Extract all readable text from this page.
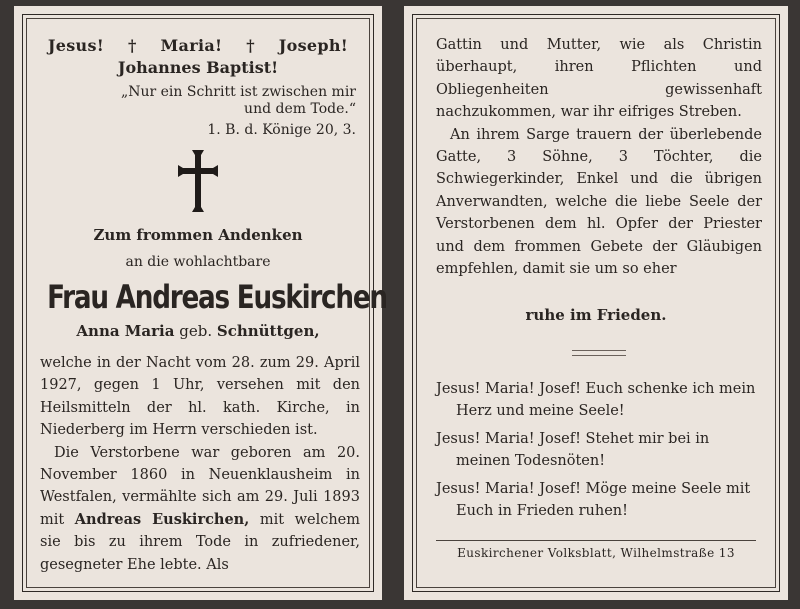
Jesus! † Maria! † Joseph!
Johannes Baptist!
„Nur ein Schritt ist zwischen mir und dem Tode.“
1. B. d. Könige 20, 3.
Zum frommen Andenken
an die wohlachtbare
Frau Andreas Euskirchen
Anna Maria geb. Schnüttgen,

welche in der Nacht vom 28. zum 29. April 1927, gegen 1 Uhr, versehen mit den Heilsmitteln der hl. kath. Kirche, in Niederberg im Herrn verschieden ist.

Die Verstorbene war geboren am 20. November 1860 in Neuenklausheim in Westfalen, vermählte sich am 29. Juli 1893 mit Andreas Euskirchen, mit welchem sie bis zu ihrem Tode in zufriedener, gesegneter Ehe lebte. Als

Gattin und Mutter, wie als Christin überhaupt, ihren Pflichten und Obliegenheiten gewissenhaft nachzukommen, war ihr eifriges Streben.

An ihrem Sarge trauern der überlebende Gatte, 3 Söhne, 3 Töchter, die Schwiegerkinder, Enkel und die übrigen Anverwandten, welche die liebe Seele der Verstorbenen dem hl. Opfer der Priester und dem frommen Gebete der Gläubigen empfehlen, damit sie um so eher

ruhe im Frieden.

Jesus! Maria! Josef! Euch schenke ich mein Herz und meine Seele!

Jesus! Maria! Josef! Stehet mir bei in meinen Todesnöten!

Jesus! Maria! Josef! Möge meine Seele mit Euch in Frieden ruhen!

Euskirchener Volksblatt, Wilhelmstraße 13
